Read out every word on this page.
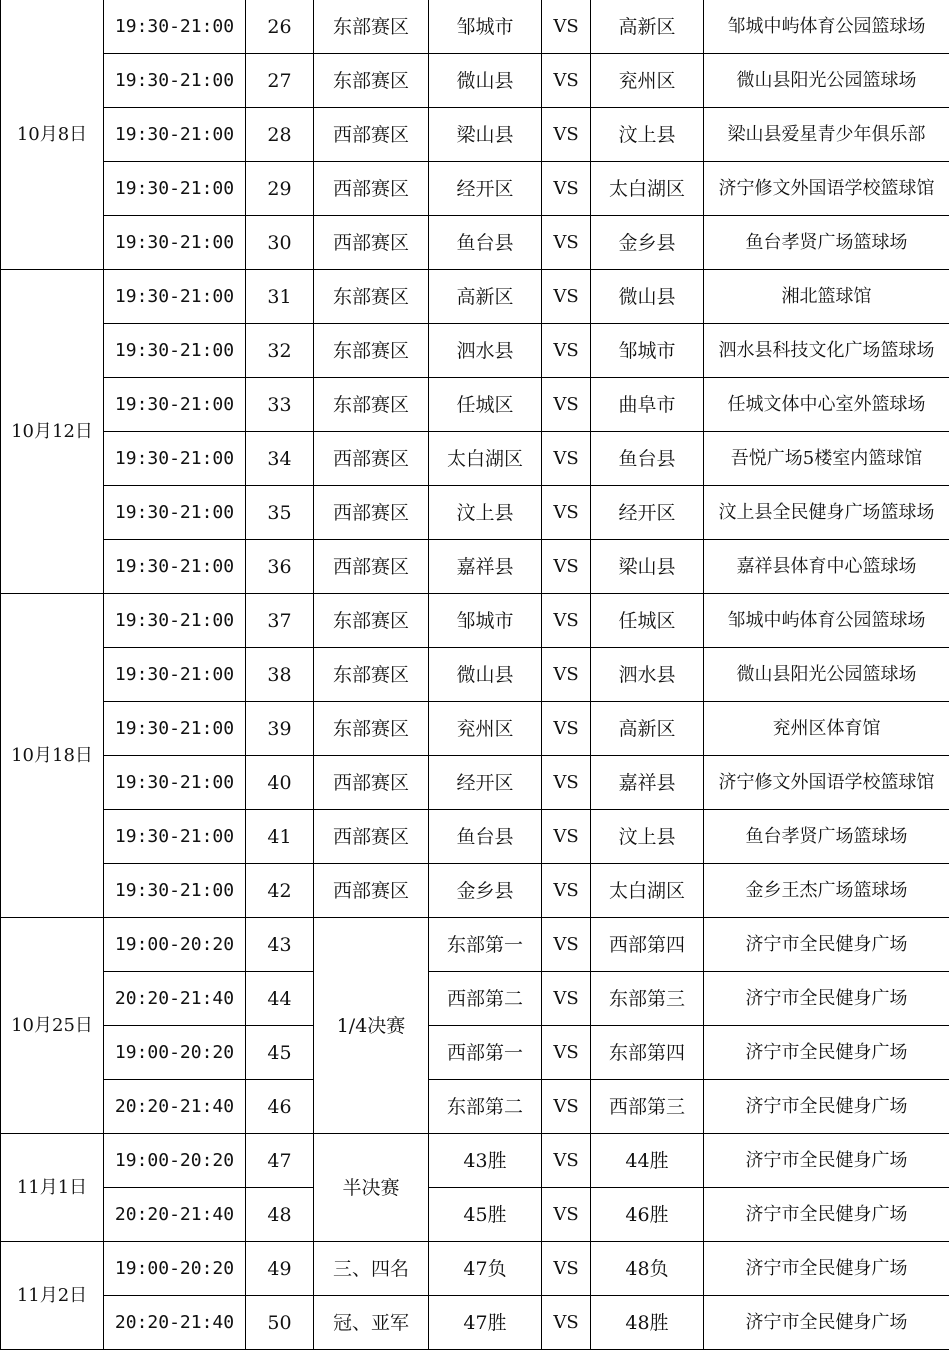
10月8日	19:30-21:00	26	东部赛区	邹城市	VS	高新区	邹城中屿体育公园篮球场
	19:30-21:00	27	东部赛区	微山县	VS	兖州区	微山县阳光公园篮球场
	19:30-21:00	28	西部赛区	梁山县	VS	汶上县	梁山县爱星青少年俱乐部
	19:30-21:00	29	西部赛区	经开区	VS	太白湖区	济宁修文外国语学校篮球馆
	19:30-21:00	30	西部赛区	鱼台县	VS	金乡县	鱼台孝贤广场篮球场
10月12日	19:30-21:00	31	东部赛区	高新区	VS	微山县	湘北篮球馆
	19:30-21:00	32	东部赛区	泗水县	VS	邹城市	泗水县科技文化广场篮球场
	19:30-21:00	33	东部赛区	任城区	VS	曲阜市	任城文体中心室外篮球场
	19:30-21:00	34	西部赛区	太白湖区	VS	鱼台县	吾悦广场5楼室内篮球馆
	19:30-21:00	35	西部赛区	汶上县	VS	经开区	汶上县全民健身广场篮球场
	19:30-21:00	36	西部赛区	嘉祥县	VS	梁山县	嘉祥县体育中心篮球场
10月18日	19:30-21:00	37	东部赛区	邹城市	VS	任城区	邹城中屿体育公园篮球场
	19:30-21:00	38	东部赛区	微山县	VS	泗水县	微山县阳光公园篮球场
	19:30-21:00	39	东部赛区	兖州区	VS	高新区	兖州区体育馆
	19:30-21:00	40	西部赛区	经开区	VS	嘉祥县	济宁修文外国语学校篮球馆
	19:30-21:00	41	西部赛区	鱼台县	VS	汶上县	鱼台孝贤广场篮球场
	19:30-21:00	42	西部赛区	金乡县	VS	太白湖区	金乡王杰广场篮球场
10月25日	19:00-20:20	43	1/4决赛	东部第一	VS	西部第四	济宁市全民健身广场
	20:20-21:40	44		西部第二	VS	东部第三	济宁市全民健身广场
	19:00-20:20	45		西部第一	VS	东部第四	济宁市全民健身广场
	20:20-21:40	46		东部第二	VS	西部第三	济宁市全民健身广场
11月1日	19:00-20:20	47	半决赛	43胜	VS	44胜	济宁市全民健身广场
	20:20-21:40	48		45胜	VS	46胜	济宁市全民健身广场
11月2日	19:00-20:20	49	三、四名	47负	VS	48负	济宁市全民健身广场
	20:20-21:40	50	冠、亚军	47胜	VS	48胜	济宁市全民健身广场
